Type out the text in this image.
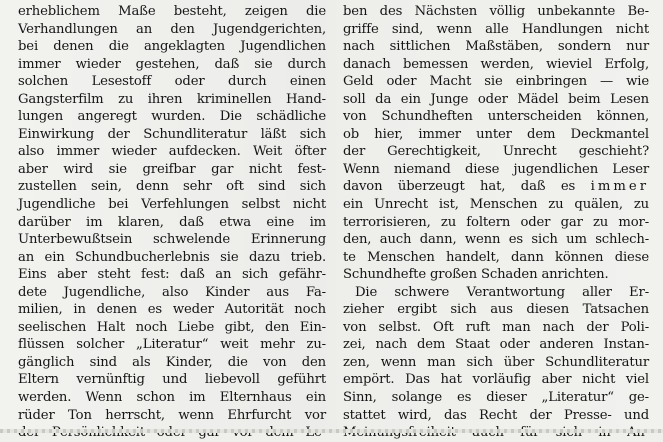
erheblichem Maße besteht, zeigen die
Verhandlungen an den Jugendgerichten,
bei denen die angeklagten Jugendlichen
immer wieder gestehen, daß sie durch
solchen Lesestoff oder durch einen
Gangsterfilm zu ihren kriminellen Hand-
lungen angeregt wurden. Die schädliche
Einwirkung der Schundliteratur läßt sich
also immer wieder aufdecken. Weit öfter
aber wird sie greifbar gar nicht fest-
zustellen sein, denn sehr oft sind sich
Jugendliche bei Verfehlungen selbst nicht
darüber im klaren, daß etwa eine im
Unterbewußtsein schwelende Erinnerung
an ein Schundbucherlebnis sie dazu trieb.
Eins aber steht fest: daß an sich gefähr-
dete Jugendliche, also Kinder aus Fa-
milien, in denen es weder Autorität noch
seelischen Halt noch Liebe gibt, den Ein-
flüssen solcher „Literatur“ weit mehr zu-
gänglich sind als Kinder, die von den
Eltern vernünftig und liebevoll geführt
werden. Wenn schon im Elternhaus ein
rüder Ton herrscht, wenn Ehrfurcht vor
ben des Nächsten völlig unbekannte Be-
griffe sind, wenn alle Handlungen nicht
nach sittlichen Maßstäben, sondern nur
danach bemessen werden, wieviel Erfolg,
Geld oder Macht sie einbringen — wie
soll da ein Junge oder Mädel beim Lesen
von Schundheften unterscheiden können,
ob hier, immer unter dem Deckmantel
der Gerechtigkeit, Unrecht geschieht?
Wenn niemand diese jugendlichen Leser
davon überzeugt hat, daß es immer
ein Unrecht ist, Menschen zu quälen, zu
terrorisieren, zu foltern oder gar zu mor-
den, auch dann, wenn es sich um schlech-
te Menschen handelt, dann können diese
Schundhefte großen Schaden anrichten.
Die schwere Verantwortung aller Er-
zieher ergibt sich aus diesen Tatsachen
von selbst. Oft ruft man nach der Poli-
zei, nach dem Staat oder anderen Instan-
zen, wenn man sich über Schundliteratur
empört. Das hat vorläufig aber nicht viel
Sinn, solange es dieser „Literatur“ ge-
stattet wird, das Recht der Presse- und
